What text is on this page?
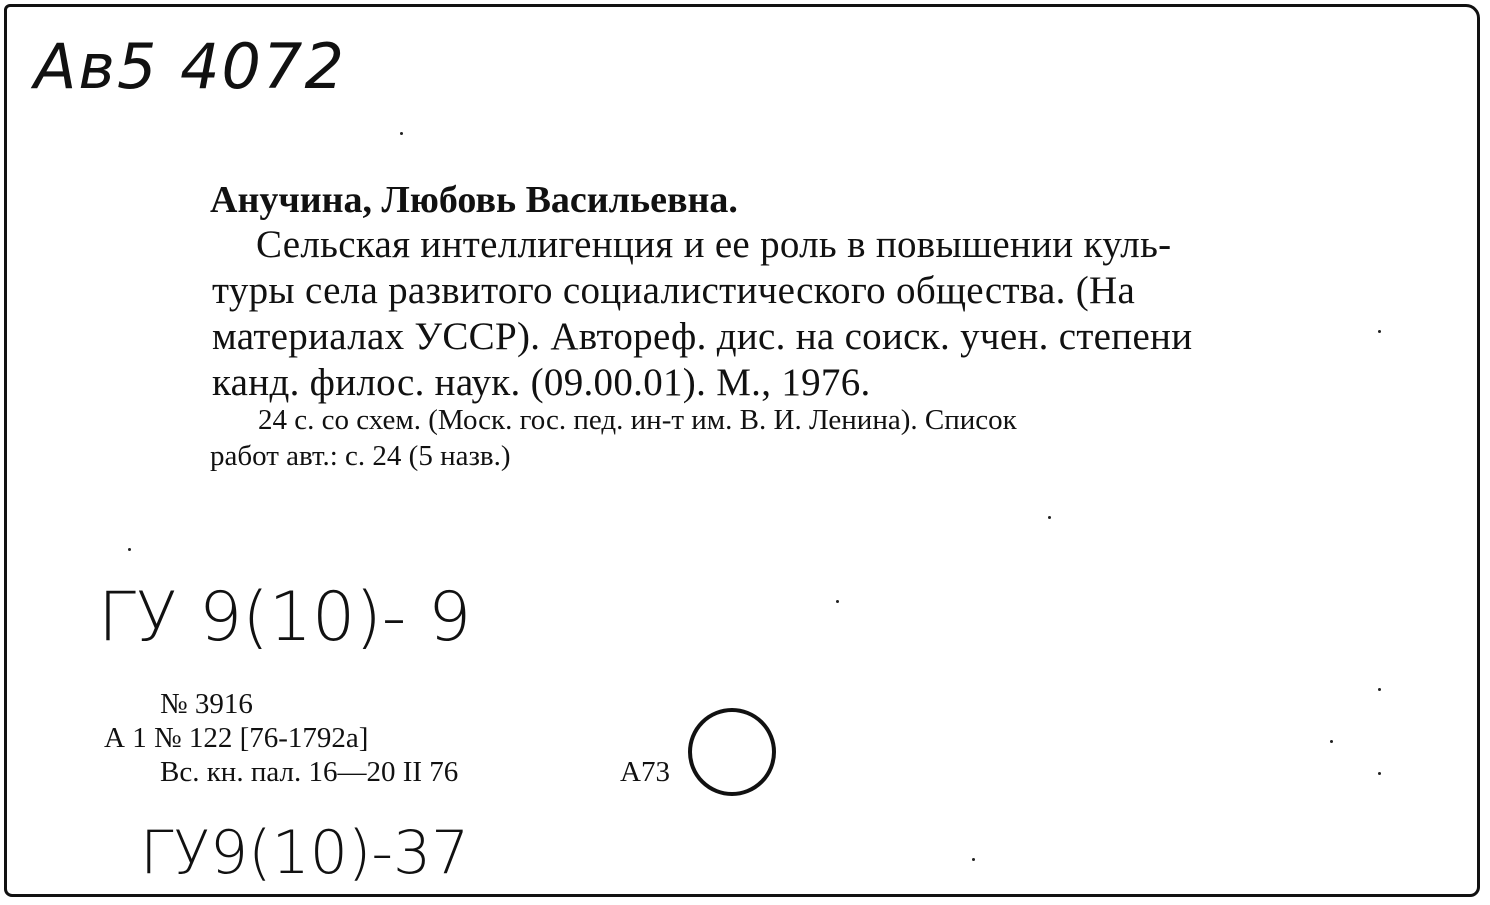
Ав5 4072
Анучина, Любовь Васильевна.
Сельская интеллигенция и ее роль в повышении куль-
туры села развитого социалистического общества. (На
материалах УССР). Автореф. дис. на соиск. учен. степени
канд. филос. наук. (09.00.01). М., 1976.
24 с. со схем. (Моск. гос. пед. ин-т им. В. И. Ленина). Список
работ авт.: с. 24 (5 назв.)
ГУ 9(10)- 9
№ 3916
А 1 № 122 [76-1792а]
Вс. кн. пал. 16—20 II 76	А73
ГУ9(10)-37
